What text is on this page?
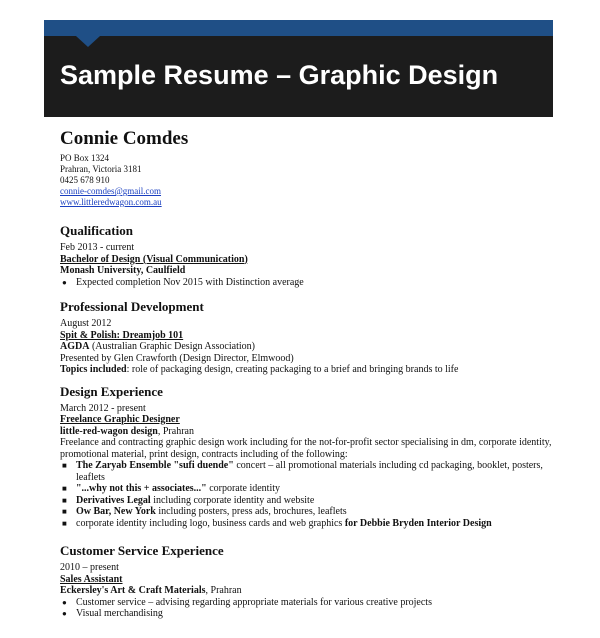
Sample Resume – Graphic Design
Connie Comdes
PO Box 1324
Prahran, Victoria 3181
0425 678 910
connie-comdes@gmail.com
www.littleredwagon.com.au
Qualification
Feb 2013 - current
Bachelor of Design (Visual Communication)
Monash University, Caulfield
● Expected completion Nov 2015 with Distinction average
Professional Development
August 2012
Spit & Polish: Dreamjob 101
AGDA (Australian Graphic Design Association)
Presented by Glen Crawforth (Design Director, Elmwood)
Topics included: role of packaging design, creating packaging to a brief and bringing brands to life
Design Experience
March 2012 - present
Freelance Graphic Designer
little-red-wagon design, Prahran
Freelance and contracting graphic design work including for the not-for-profit sector specialising in dm, corporate identity, promotional material, print design, contracts including of the following:
■ The Zaryab Ensemble "sufi duende" concert – all promotional materials including cd packaging, booklet, posters, leaflets
■ "...why not this + associates..." corporate identity
■ Derivatives Legal including corporate identity and website
■ Ow Bar, New York including posters, press ads, brochures, leaflets
■ corporate identity including logo, business cards and web graphics for Debbie Bryden Interior Design
Customer Service Experience
2010 – present
Sales Assistant
Eckersley's Art & Craft Materials, Prahran
● Customer service – advising regarding appropriate materials for various creative projects
● Visual merchandising
